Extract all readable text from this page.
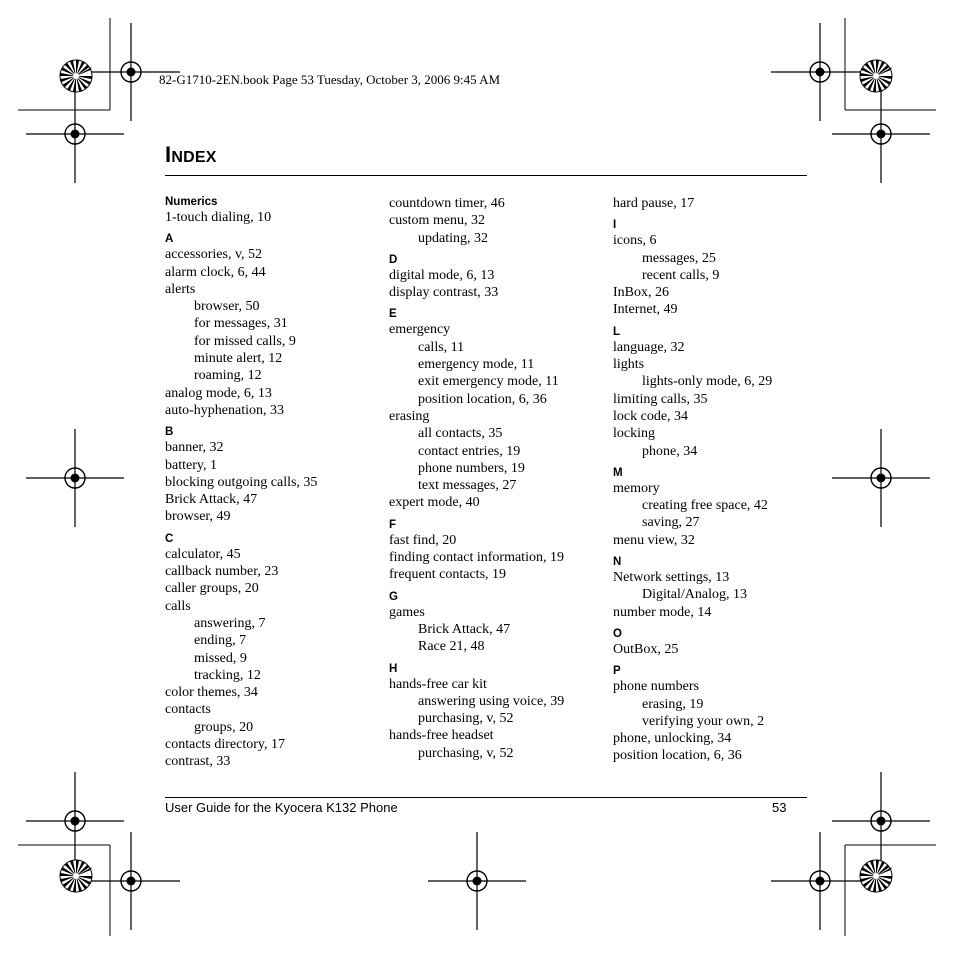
82-G1710-2EN.book Page 53 Tuesday, October 3, 2006 9:45 AM
INDEX
Numerics
1-touch dialing, 10
A
accessories, v, 52
alarm clock, 6, 44
alerts
browser, 50
for messages, 31
for missed calls, 9
minute alert, 12
roaming, 12
analog mode, 6, 13
auto-hyphenation, 33
B
banner, 32
battery, 1
blocking outgoing calls, 35
Brick Attack, 47
browser, 49
C
calculator, 45
callback number, 23
caller groups, 20
calls
answering, 7
ending, 7
missed, 9
tracking, 12
color themes, 34
contacts
groups, 20
contacts directory, 17
contrast, 33
countdown timer, 46
custom menu, 32
updating, 32
D
digital mode, 6, 13
display contrast, 33
E
emergency
calls, 11
emergency mode, 11
exit emergency mode, 11
position location, 6, 36
erasing
all contacts, 35
contact entries, 19
phone numbers, 19
text messages, 27
expert mode, 40
F
fast find, 20
finding contact information, 19
frequent contacts, 19
G
games
Brick Attack, 47
Race 21, 48
H
hands-free car kit
answering using voice, 39
purchasing, v, 52
hands-free headset
purchasing, v, 52
hard pause, 17
I
icons, 6
messages, 25
recent calls, 9
InBox, 26
Internet, 49
L
language, 32
lights
lights-only mode, 6, 29
limiting calls, 35
lock code, 34
locking
phone, 34
M
memory
creating free space, 42
saving, 27
menu view, 32
N
Network settings, 13
Digital/Analog, 13
number mode, 14
O
OutBox, 25
P
phone numbers
erasing, 19
verifying your own, 2
phone, unlocking, 34
position location, 6, 36
User Guide for the Kyocera K132 Phone	53
